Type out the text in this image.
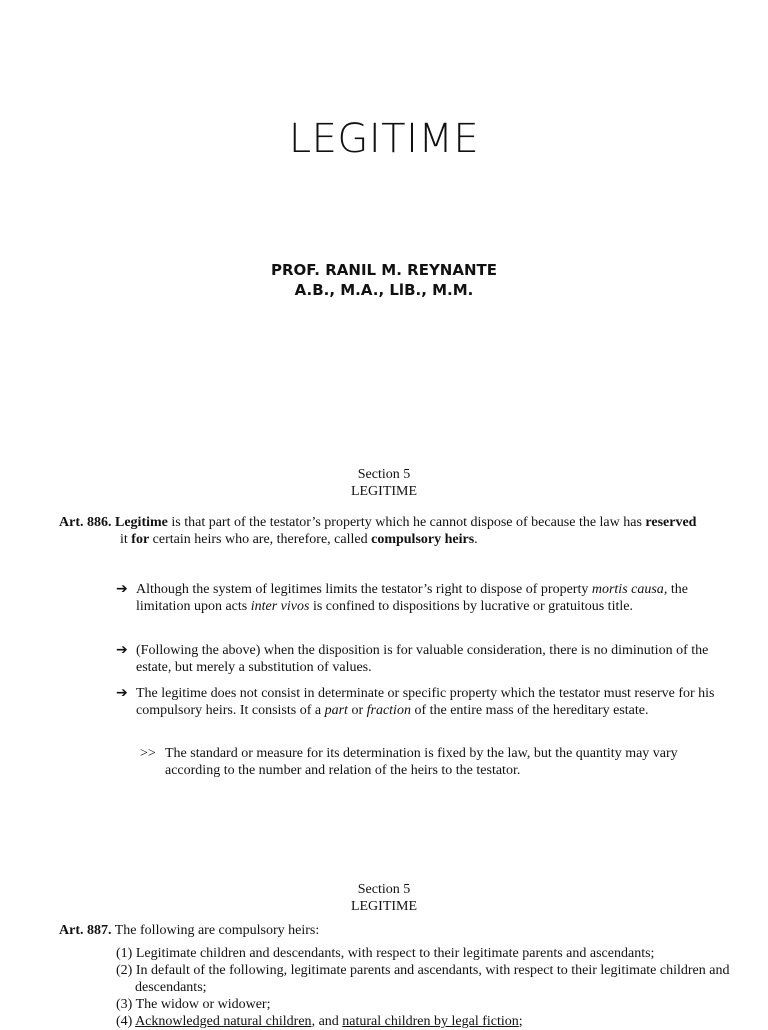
LEGITIME
PROF. RANIL M. REYNANTE
A.B., M.A., LlB., M.M.
Section 5
LEGITIME
Art. 886. Legitime is that part of the testator’s property which he cannot dispose of because the law has reserved it for certain heirs who are, therefore, called compulsory heirs.
➔ Although the system of legitimes limits the testator’s right to dispose of property mortis causa, the limitation upon acts inter vivos is confined to dispositions by lucrative or gratuitous title.
➔ (Following the above) when the disposition is for valuable consideration, there is no diminution of the estate, but merely a substitution of values.
➔ The legitime does not consist in determinate or specific property which the testator must reserve for his compulsory heirs. It consists of a part or fraction of the entire mass of the hereditary estate.
>> The standard or measure for its determination is fixed by the law, but the quantity may vary according to the number and relation of the heirs to the testator.
Section 5
LEGITIME
Art. 887. The following are compulsory heirs:
(1) Legitimate children and descendants, with respect to their legitimate parents and ascendants;
(2) In default of the following, legitimate parents and ascendants, with respect to their legitimate children and descendants;
(3) The widow or widower;
(4) Acknowledged natural children, and natural children by legal fiction;
